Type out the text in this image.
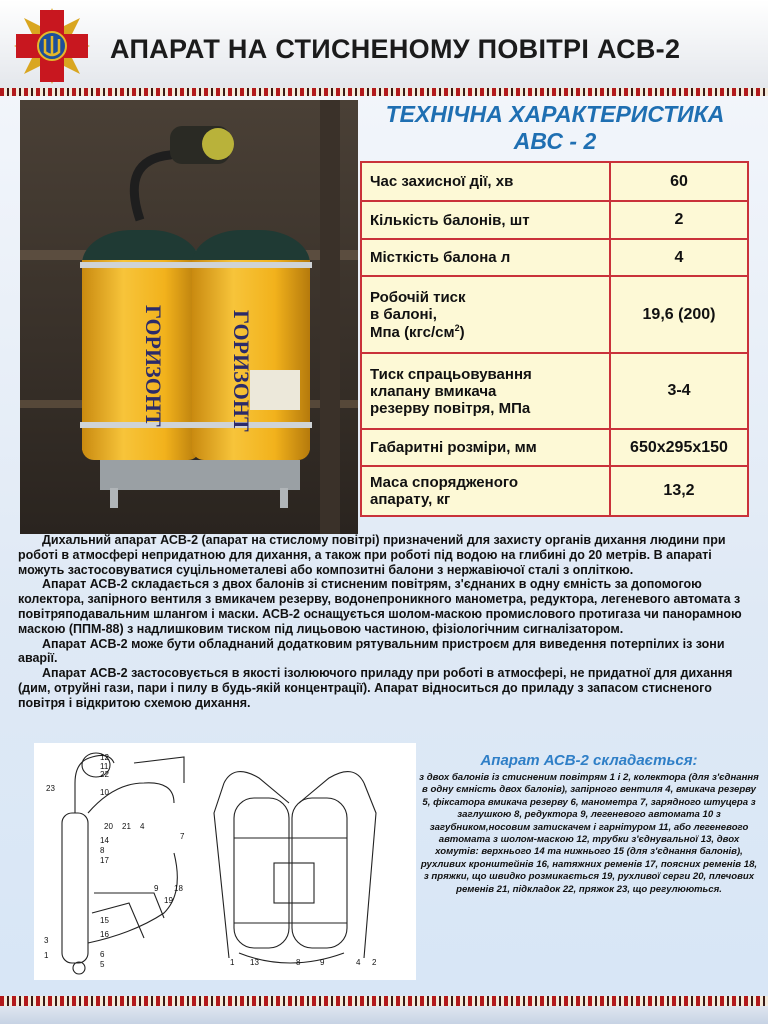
АПАРАТ НА СТИСНЕНОМУ ПОВІТРІ АСВ-2
ГОРИЗОНТ	ГОРИЗОНТ
ТЕХНІЧНА ХАРАКТЕРИСТИКА
АВС - 2
Час захисної дії, хв	60
Кількість балонів, шт	2
Місткість балона л	4

Робочій тиск
в балоні,
Мпа $(кгс/см^2)$	19,6 (200)

Тиск спрацьовування
клапану вмикача
резерву повітря, МПа	3-4
Габаритні розміри, мм	650х295х150

Маса спорядженого
апарату, кг	13,2

Дихальний апарат АСВ-2 (апарат на стислому повітрі) призначений для захисту органів дихання людини при роботі в атмосфері непридатною для дихання, а також при роботі під водою на глибині до 20 метрів. В апараті можуть застосовуватися суцільнометалеві або композитні балони з нержавіючої сталі з опліткою.

Апарат АСВ-2 складається з двох балонів зі стисненим повітрям, з'єднаних в одну ємність за допомогою колектора, запірного вентиля з вмикачем резерву, водонепроникного манометра, редуктора, легеневого автомата з повітряподавальним шлангом і маски. АСВ-2 оснащується шолом-маскою промислового протигаза чи панорамною маскою (ППМ-88) з надлишковим тиском під лицьовою частиною, фізіологічним сигналізатором.

Апарат АСВ-2 може бути обладнаний додатковим рятувальним пристроєм для виведення потерпілих із зони аварії.

Апарат АСВ-2 застосовується в якості ізолюючого приладу при роботі в атмосфері, не придатної для дихання (дим, отруйні гази, пари і пилу в будь-якій концентрації). Апарат відноситься до приладу з запасом стисненого повітря і відкритою схемою дихання.

12
11
22
23	10
20 21 4
14
8
17
9
19
18
15
16
6
5
7
3
1
1 13	8 9	4 2
Апарат АСВ-2 складається:
з двох балонів із стисненим повітрям 1 і 2, колектора (для з'єднання в одну ємність двох балонів), запірного вентиля 4, вмикача резерву 5, фіксатора вмикача резерву 6, манометра 7, зарядного штуцера з заглушкою 8, редуктора 9, легеневого автомата 10 з загубником,носовим затискачем і гарнітуром 11, або легеневого автомата з шолом-маскою 12, трубки з'єднувальної 13, двох хомутів: верхнього 14 та нижнього 15 (для з'єднання балонів), рухливих кронштейнів 16, натяжних ременів 17, поясних ременів 18, з пряжки, що швидко розмикається 19, рухливої серги 20, плечових ременів 21, підкладок 22, пряжок 23, що регулюються.
